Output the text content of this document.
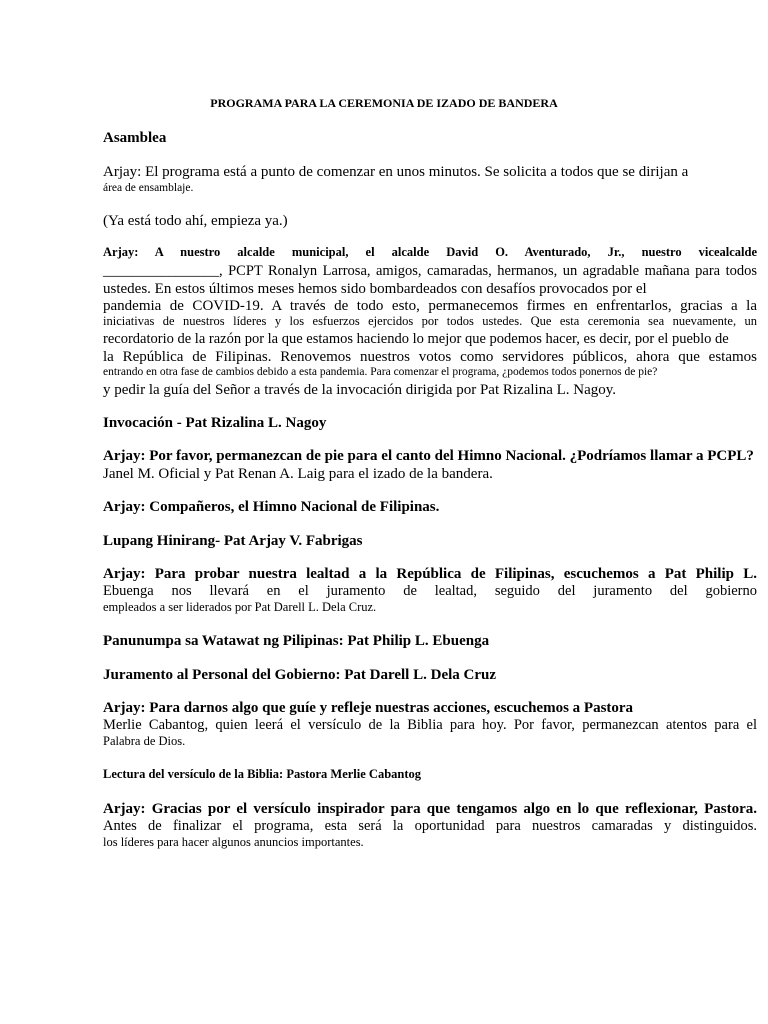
PROGRAMA PARA LA CEREMONIA DE IZADO DE BANDERA

Asamblea

Arjay: El programa está a punto de comenzar en unos minutos. Se solicita a todos que se dirijan a
área de ensamblaje.

(Ya está todo ahí, empieza ya.)

Arjay: A nuestro alcalde municipal, el alcalde David O. Aventurado, Jr., nuestro vicealcalde
________________, PCPT Ronalyn Larrosa, amigos, camaradas, hermanos, un agradable mañana para todos
ustedes. En estos últimos meses hemos sido bombardeados con desafíos provocados por el
pandemia de COVID-19. A través de todo esto, permanecemos firmes en enfrentarlos, gracias a la
iniciativas de nuestros líderes y los esfuerzos ejercidos por todos ustedes. Que esta ceremonia sea nuevamente, un
recordatorio de la razón por la que estamos haciendo lo mejor que podemos hacer, es decir, por el pueblo de
la República de Filipinas. Renovemos nuestros votos como servidores públicos, ahora que estamos
entrando en otra fase de cambios debido a esta pandemia. Para comenzar el programa, ¿podemos todos ponernos de pie?
y pedir la guía del Señor a través de la invocación dirigida por Pat Rizalina L. Nagoy.

Invocación - Pat Rizalina L. Nagoy

Arjay: Por favor, permanezcan de pie para el canto del Himno Nacional. ¿Podríamos llamar a PCPL?
Janel M. Oficial y Pat Renan A. Laig para el izado de la bandera.

Arjay: Compañeros, el Himno Nacional de Filipinas.

Lupang Hinirang- Pat Arjay V. Fabrigas

Arjay: Para probar nuestra lealtad a la República de Filipinas, escuchemos a Pat Philip L.
Ebuenga nos llevará en el juramento de lealtad, seguido del juramento del gobierno
empleados a ser liderados por Pat Darell L. Dela Cruz.

Panunumpa sa Watawat ng Pilipinas: Pat Philip L. Ebuenga

Juramento al Personal del Gobierno: Pat Darell L. Dela Cruz

Arjay: Para darnos algo que guíe y refleje nuestras acciones, escuchemos a Pastora
Merlie Cabantog, quien leerá el versículo de la Biblia para hoy. Por favor, permanezcan atentos para el
Palabra de Dios.

Lectura del versículo de la Biblia: Pastora Merlie Cabantog

Arjay: Gracias por el versículo inspirador para que tengamos algo en lo que reflexionar, Pastora.
Antes de finalizar el programa, esta será la oportunidad para nuestros camaradas y distinguidos.
los líderes para hacer algunos anuncios importantes.
